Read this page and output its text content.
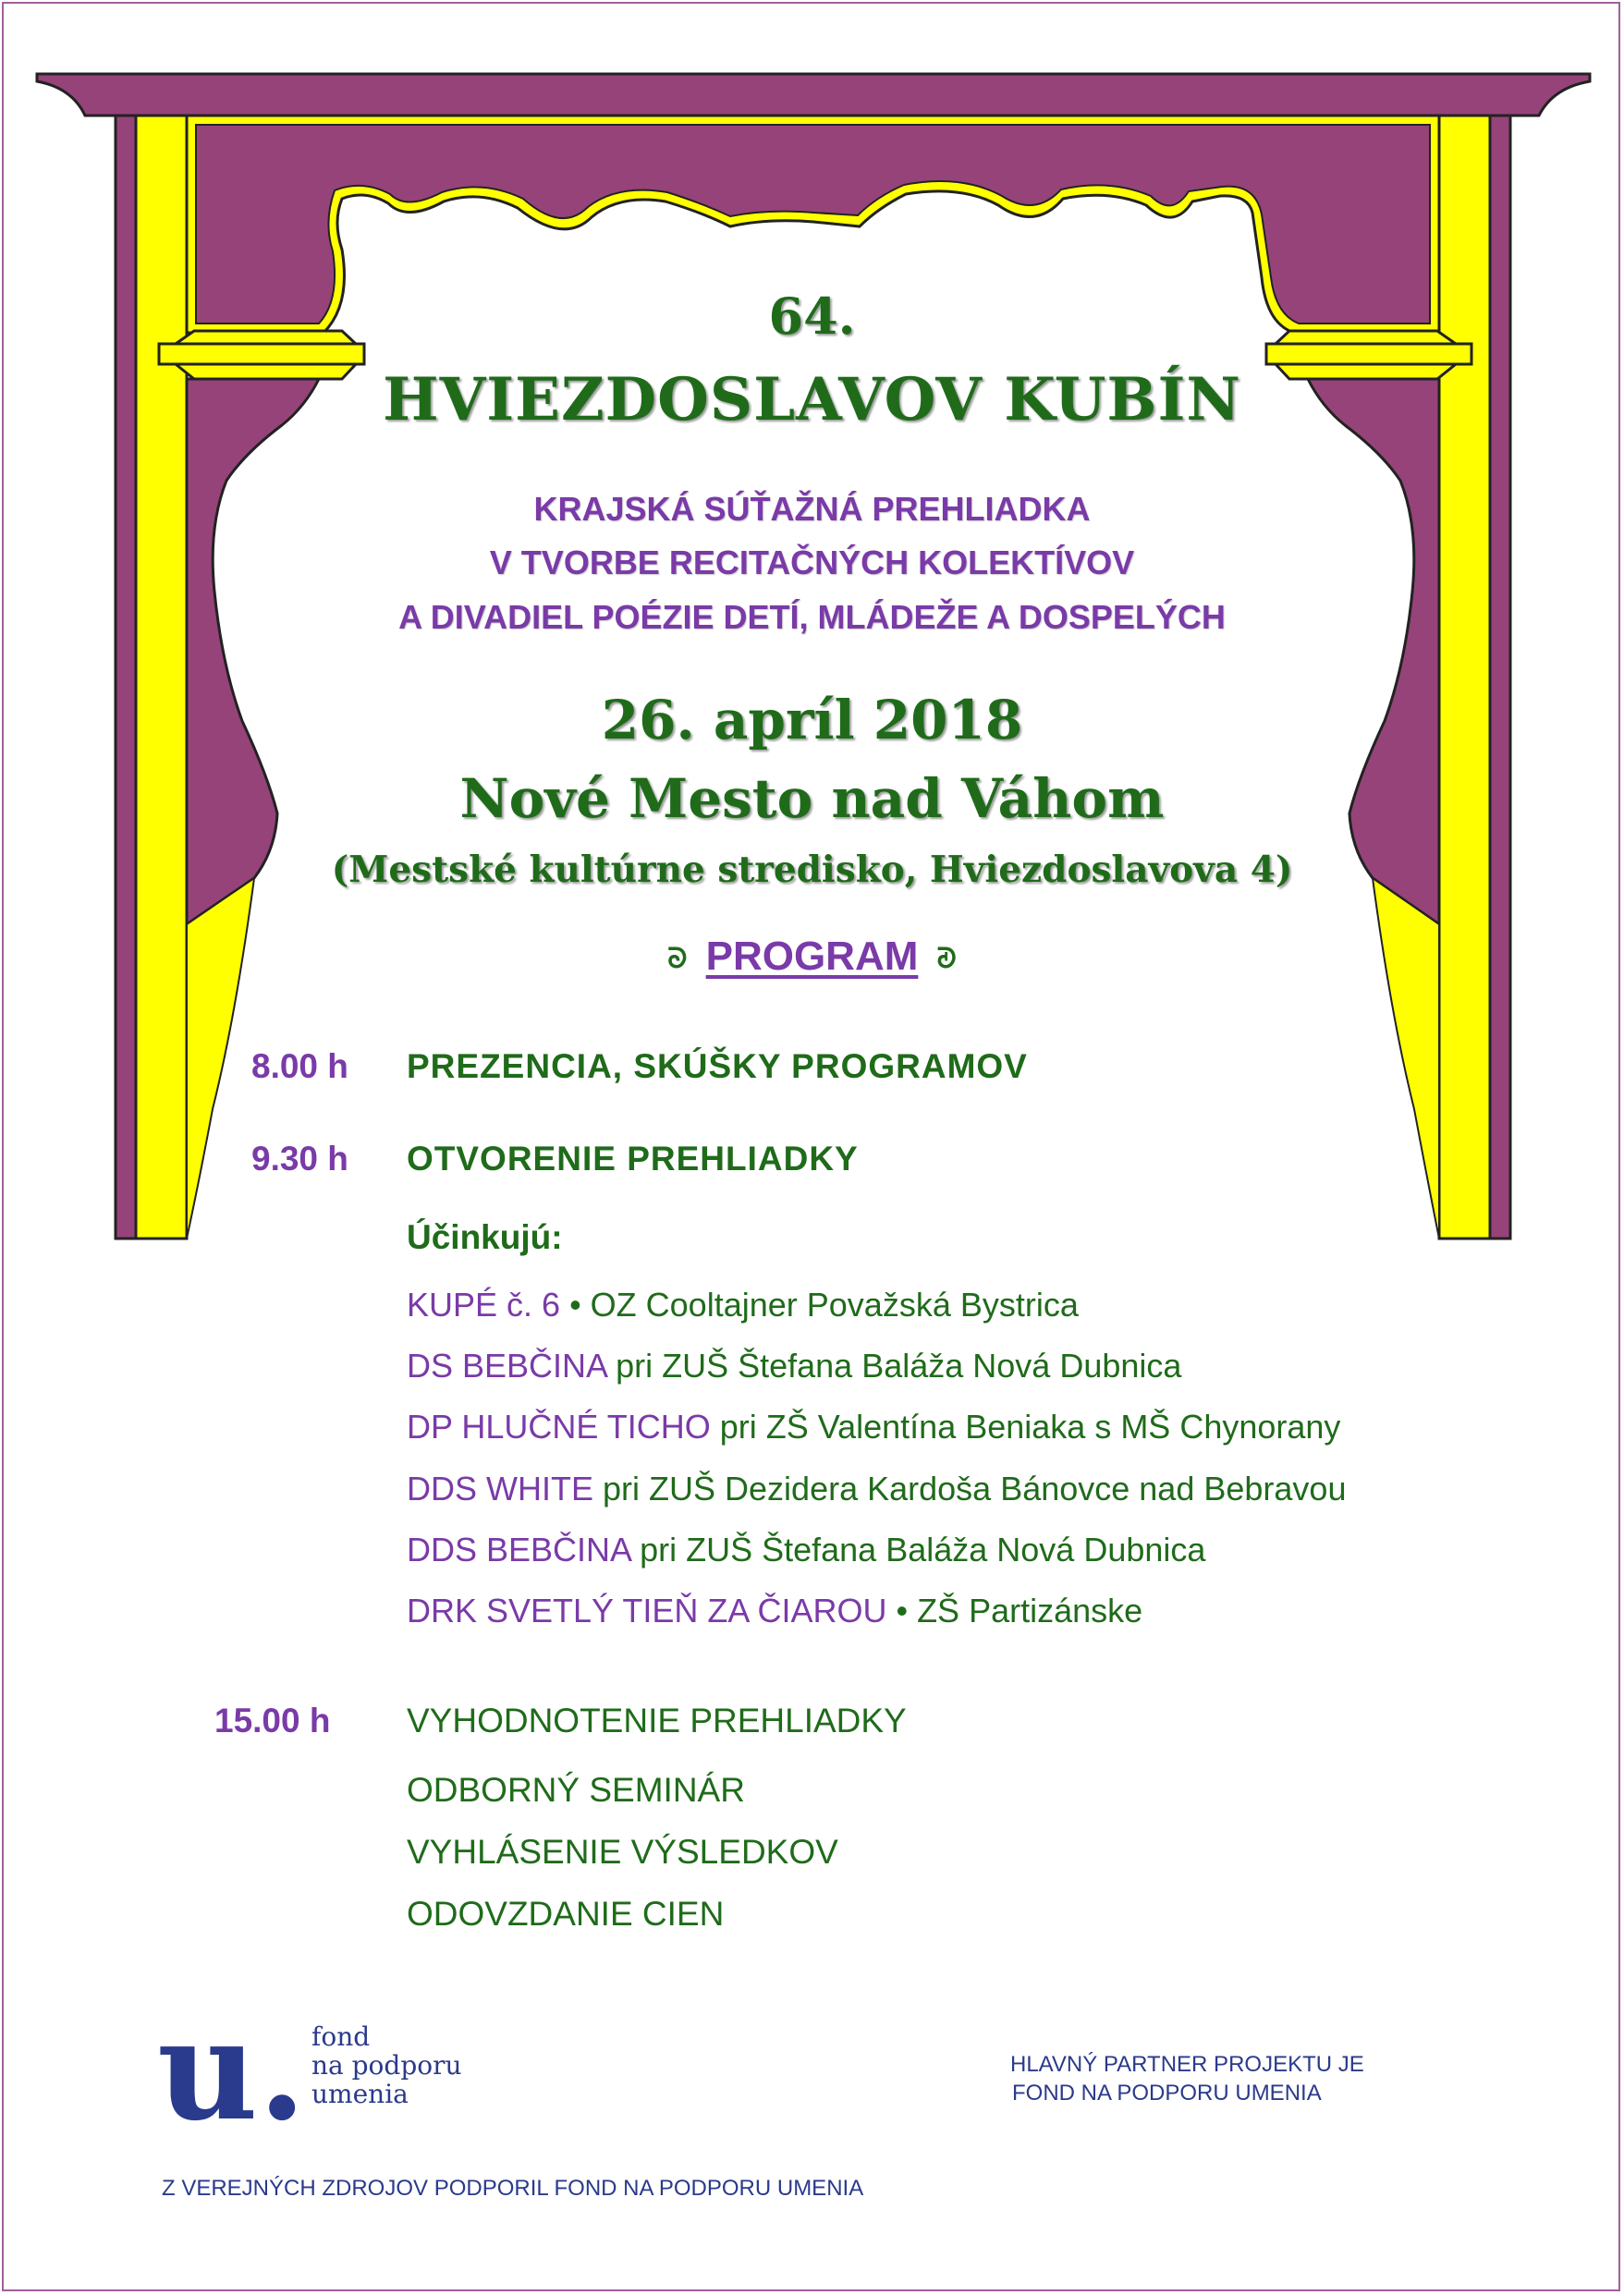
64.
HVIEZDOSLAVOV KUBÍN
KRAJSKÁ SÚŤAŽNÁ PREHLIADKA
V TVORBE RECITAČNÝCH KOLEKTÍVOV
A DIVADIEL POÉZIE DETÍ, MLÁDEŽE A DOSPELÝCH
26. apríl 2018
Nové Mesto nad Váhom
(Mestské kultúrne stredisko, Hviezdoslavova 4)
ᘐ PROGRAM ᘑ
8.00 h PREZENCIA, SKÚŠKY PROGRAMOV
9.30 h OTVORENIE PREHLIADKY
Účinkujú:
KUPÉ č. 6 • OZ Cooltajner Považská Bystrica
DS BEBČINA pri ZUŠ Štefana Baláža Nová Dubnica
DP HLUČNÉ TICHO pri ZŠ Valentína Beniaka s MŠ Chynorany
DDS WHITE pri ZUŠ Dezidera Kardoša Bánovce nad Bebravou
DDS BEBČINA pri ZUŠ Štefana Baláža Nová Dubnica
DRK SVETLÝ TIEŇ ZA ČIAROU • ZŠ Partizánske
15.00 h VYHODNOTENIE PREHLIADKY
ODBORNÝ SEMINÁR
VYHLÁSENIE VÝSLEDKOV
ODOVZDANIE CIEN
u. fond
na podporu
umenia
HLAVNÝ PARTNER PROJEKTU JE
FOND NA PODPORU UMENIA
Z VEREJNÝCH ZDROJOV PODPORIL FOND NA PODPORU UMENIA
